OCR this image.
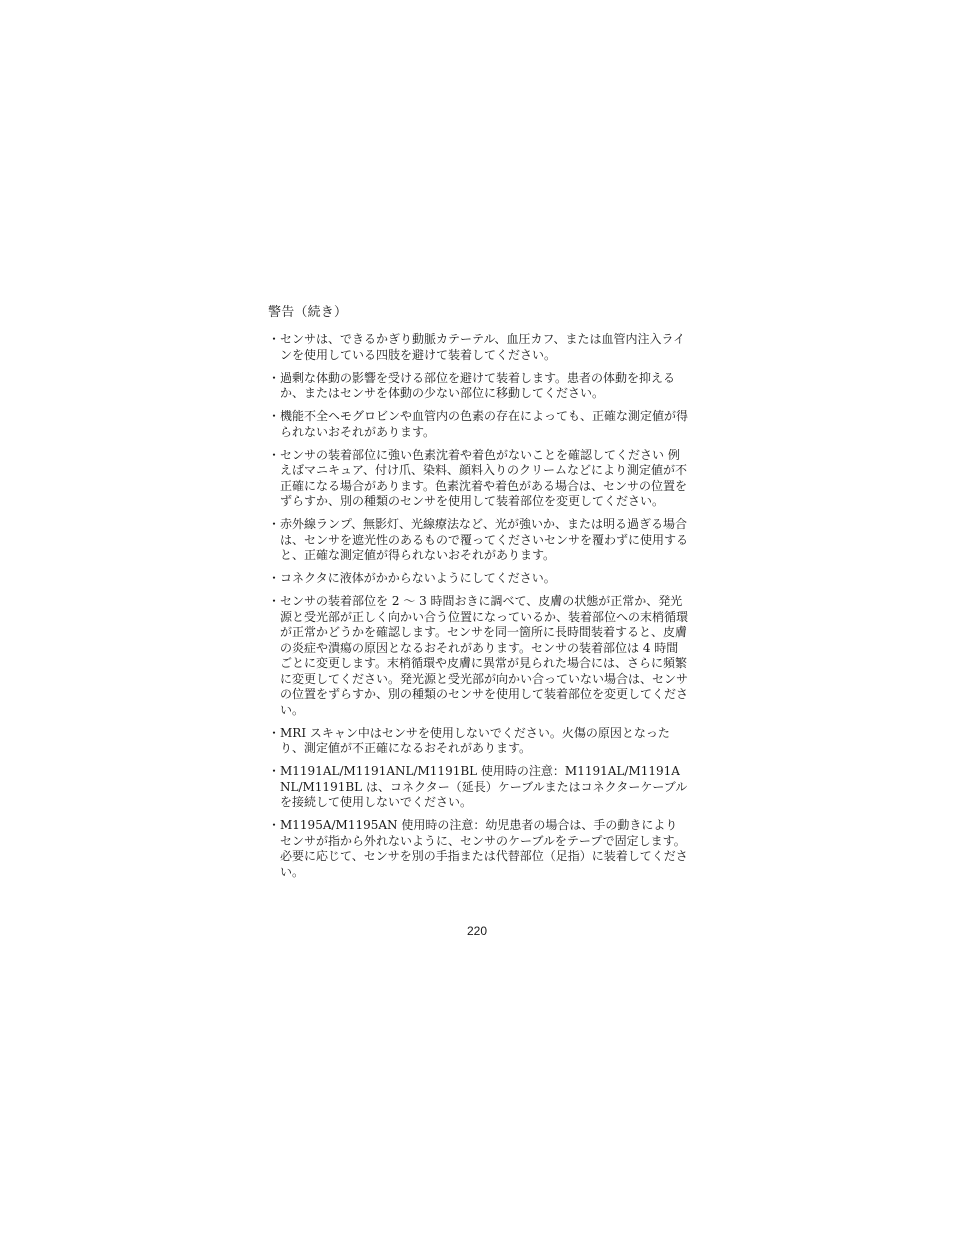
警告（続き）
・ センサは、できるかぎり動脈カテーテル、血圧カフ、または血管内注入ラインを使用している四肢を避けて装着してください。
・ 過剰な体動の影響を受ける部位を避けて装着します。患者の体動を抑えるか、またはセンサを体動の少ない部位に移動してください。
・ 機能不全ヘモグロビンや血管内の色素の存在によっても、正確な測定値が得られないおそれがあります。
・ センサの装着部位に強い色素沈着や着色がないことを確認してください 例えばマニキュア、付け爪、染料、顔料入りのクリームなどにより測定値が不正確になる場合があります。色素沈着や着色がある場合は、センサの位置をずらすか、別の種類のセンサを使用して装着部位を変更してください。
・ 赤外線ランプ、無影灯、光線療法など、光が強いか、または明る過ぎる場合は、センサを遮光性のあるもので覆ってくださいセンサを覆わずに使用すると、正確な測定値が得られないおそれがあります。
・ コネクタに液体がかからないようにしてください。
・ センサの装着部位を 2 〜 3 時間おきに調べて、皮膚の状態が正常か、発光源と受光部が正しく向かい合う位置になっているか、装着部位への末梢循環が正常かどうかを確認します。センサを同一箇所に長時間装着すると、皮膚の炎症や潰瘍の原因となるおそれがあります。センサの装着部位は 4 時間ごとに変更します。末梢循環や皮膚に異常が見られた場合には、さらに頻繁に変更してください。発光源と受光部が向かい合っていない場合は、センサの位置をずらすか、別の種類のセンサを使用して装着部位を変更してください。
・ MRI スキャン中はセンサを使用しないでください。火傷の原因となったり、測定値が不正確になるおそれがあります。
・ M1191AL/M1191ANL/M1191BL 使用時の注意：M1191AL/M1191ANL/M1191BL は、コネクター（延長）ケーブルまたはコネクターケーブルを接続して使用しないでください。
・ M1195A/M1195AN 使用時の注意：幼児患者の場合は、手の動きによりセンサが指から外れないように、センサのケーブルをテープで固定します。必要に応じて、センサを別の手指または代替部位（足指）に装着してください。
220
